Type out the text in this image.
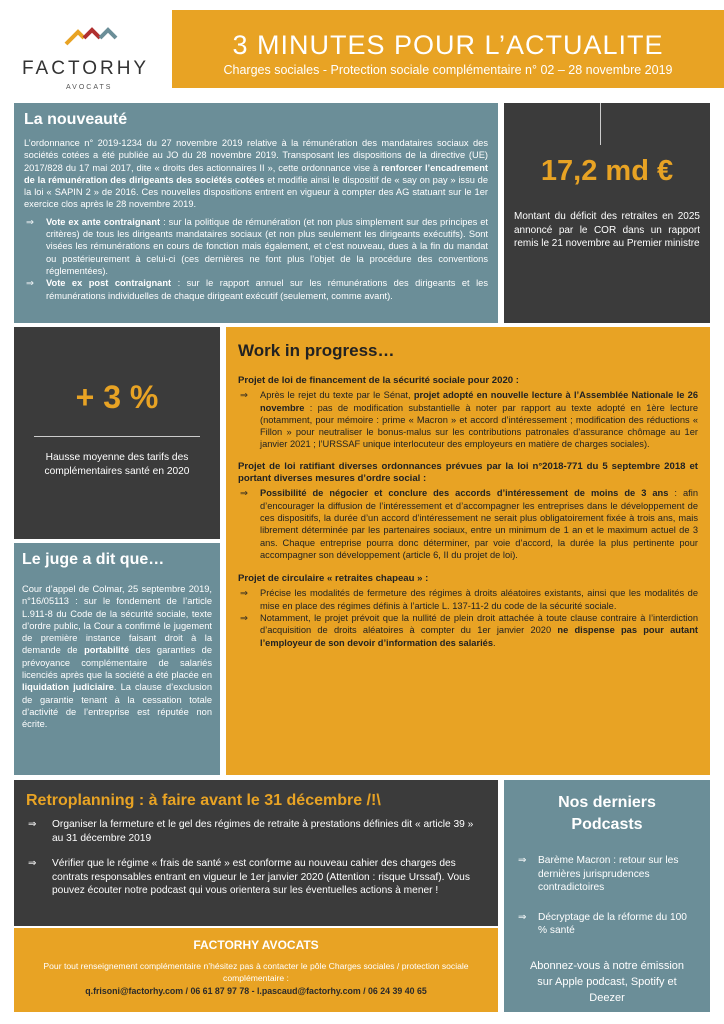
FACTORHY
AVOCATS
3 MINUTES POUR L’ACTUALITE
Charges sociales - Protection sociale complémentaire n° 02 – 28 novembre 2019
La nouveauté

L’ordonnance n° 2019-1234 du 27 novembre 2019 relative à la rémunération des mandataires sociaux des sociétés cotées a été publiée au JO du 28 novembre 2019. Transposant les dispositions de la directive (UE) 2017/828 du 17 mai 2017, dite « droits des actionnaires II », cette ordonnance vise à renforcer l’encadrement de la rémunération des dirigeants des sociétés cotées et modifie ainsi le dispositif de « say on pay » issu de la loi « SAPIN 2 » de 2016. Ces nouvelles dispositions entrent en vigueur à compter des AG statuant sur le 1er exercice clos après le 28 novembre 2019.

⇒ Vote ex ante contraignant : sur la politique de rémunération (et non plus simplement sur des principes et critères) de tous les dirigeants mandataires sociaux (et non plus seulement les dirigeants exécutifs). Sont visées les rémunérations en cours de fonction mais également, et c’est nouveau, dues à la fin du mandat ou postérieurement à celui-ci (ces dernières ne font plus l’objet de la procédure des conventions réglementées).
⇒ Vote ex post contraignant : sur le rapport annuel sur les rémunérations des dirigeants et les rémunérations individuelles de chaque dirigeant exécutif (seulement, comme avant).
17,2 md €

Montant du déficit des retraites en 2025 annoncé par le COR dans un rapport remis le 21 novembre au Premier ministre

+ 3 %

Hausse moyenne des tarifs des complémentaires santé en 2020

Work in progress…
Projet de loi de financement de la sécurité sociale pour 2020 :
⇒ Après le rejet du texte par le Sénat, projet adopté en nouvelle lecture à l’Assemblée Nationale le 26 novembre : pas de modification substantielle à noter par rapport au texte adopté en 1ère lecture (notamment, pour mémoire : prime « Macron » et accord d’intéressement ; modification des réductions « Fillon » pour neutraliser le bonus-malus sur les contributions patronales d’assurance chômage au 1er janvier 2021 ; l’URSSAF unique interlocuteur des employeurs en matière de charges sociales).
Projet de loi ratifiant diverses ordonnances prévues par la loi n°2018-771 du 5 septembre 2018 et portant diverses mesures d’ordre social :
⇒ Possibilité de négocier et conclure des accords d’intéressement de moins de 3 ans : afin d’encourager la diffusion de l’intéressement et d’accompagner les entreprises dans le développement de ces dispositifs, la durée d’un accord d’intéressement ne serait plus obligatoirement fixée à trois ans, mais librement déterminée par les partenaires sociaux, entre un minimum de 1 an et le maximum actuel de 3 ans. Chaque entreprise pourra donc déterminer, par voie d’accord, la durée la plus pertinente pour accompagner son développement (article 6, II du projet de loi).
Projet de circulaire « retraites chapeau » :
⇒ Précise les modalités de fermeture des régimes à droits aléatoires existants, ainsi que les modalités de mise en place des régimes définis à l’article L. 137-11-2 du code de la sécurité sociale.
⇒ Notamment, le projet prévoit que la nullité de plein droit attachée à toute clause contraire à l’interdiction d’acquisition de droits aléatoires à compter du 1er janvier 2020 ne dispense pas pour autant l’employeur de son devoir d’information des salariés.
Le juge a dit que…

Cour d’appel de Colmar, 25 septembre 2019, n°16/05113 : sur le fondement de l’article L.911-8 du Code de la sécurité sociale, texte d’ordre public, la Cour a confirmé le jugement de première instance faisant droit à la demande de portabilité des garanties de prévoyance complémentaire de salariés licenciés après que la société a été placée en liquidation judiciaire. La clause d’exclusion de garantie tenant à la cessation totale d’activité de l’entreprise est réputée non écrite.

Retroplanning : à faire avant le 31 décembre /!\
⇒ Organiser la fermeture et le gel des régimes de retraite à prestations définies dit « article 39 » au 31 décembre 2019
⇒ Vérifier que le régime « frais de santé » est conforme au nouveau cahier des charges des contrats responsables entrant en vigueur le 1er janvier 2020 (Attention : risque Urssaf). Vous pouvez écouter notre podcast qui vous orientera sur les éventuelles actions à mener !
FACTORHY AVOCATS

Pour tout renseignement complémentaire n’hésitez pas à contacter le pôle Charges sociales / protection sociale complémentaire :

q.frisoni@factorhy.com / 06 61 87 97 78 - l.pascaud@factorhy.com / 06 24 39 40 65

Nos derniers Podcasts
⇒ Barème Macron : retour sur les dernières jurisprudences contradictoires
⇒ Décryptage de la réforme du 100 % santé

Abonnez-vous à notre émission sur Apple podcast, Spotify et Deezer
